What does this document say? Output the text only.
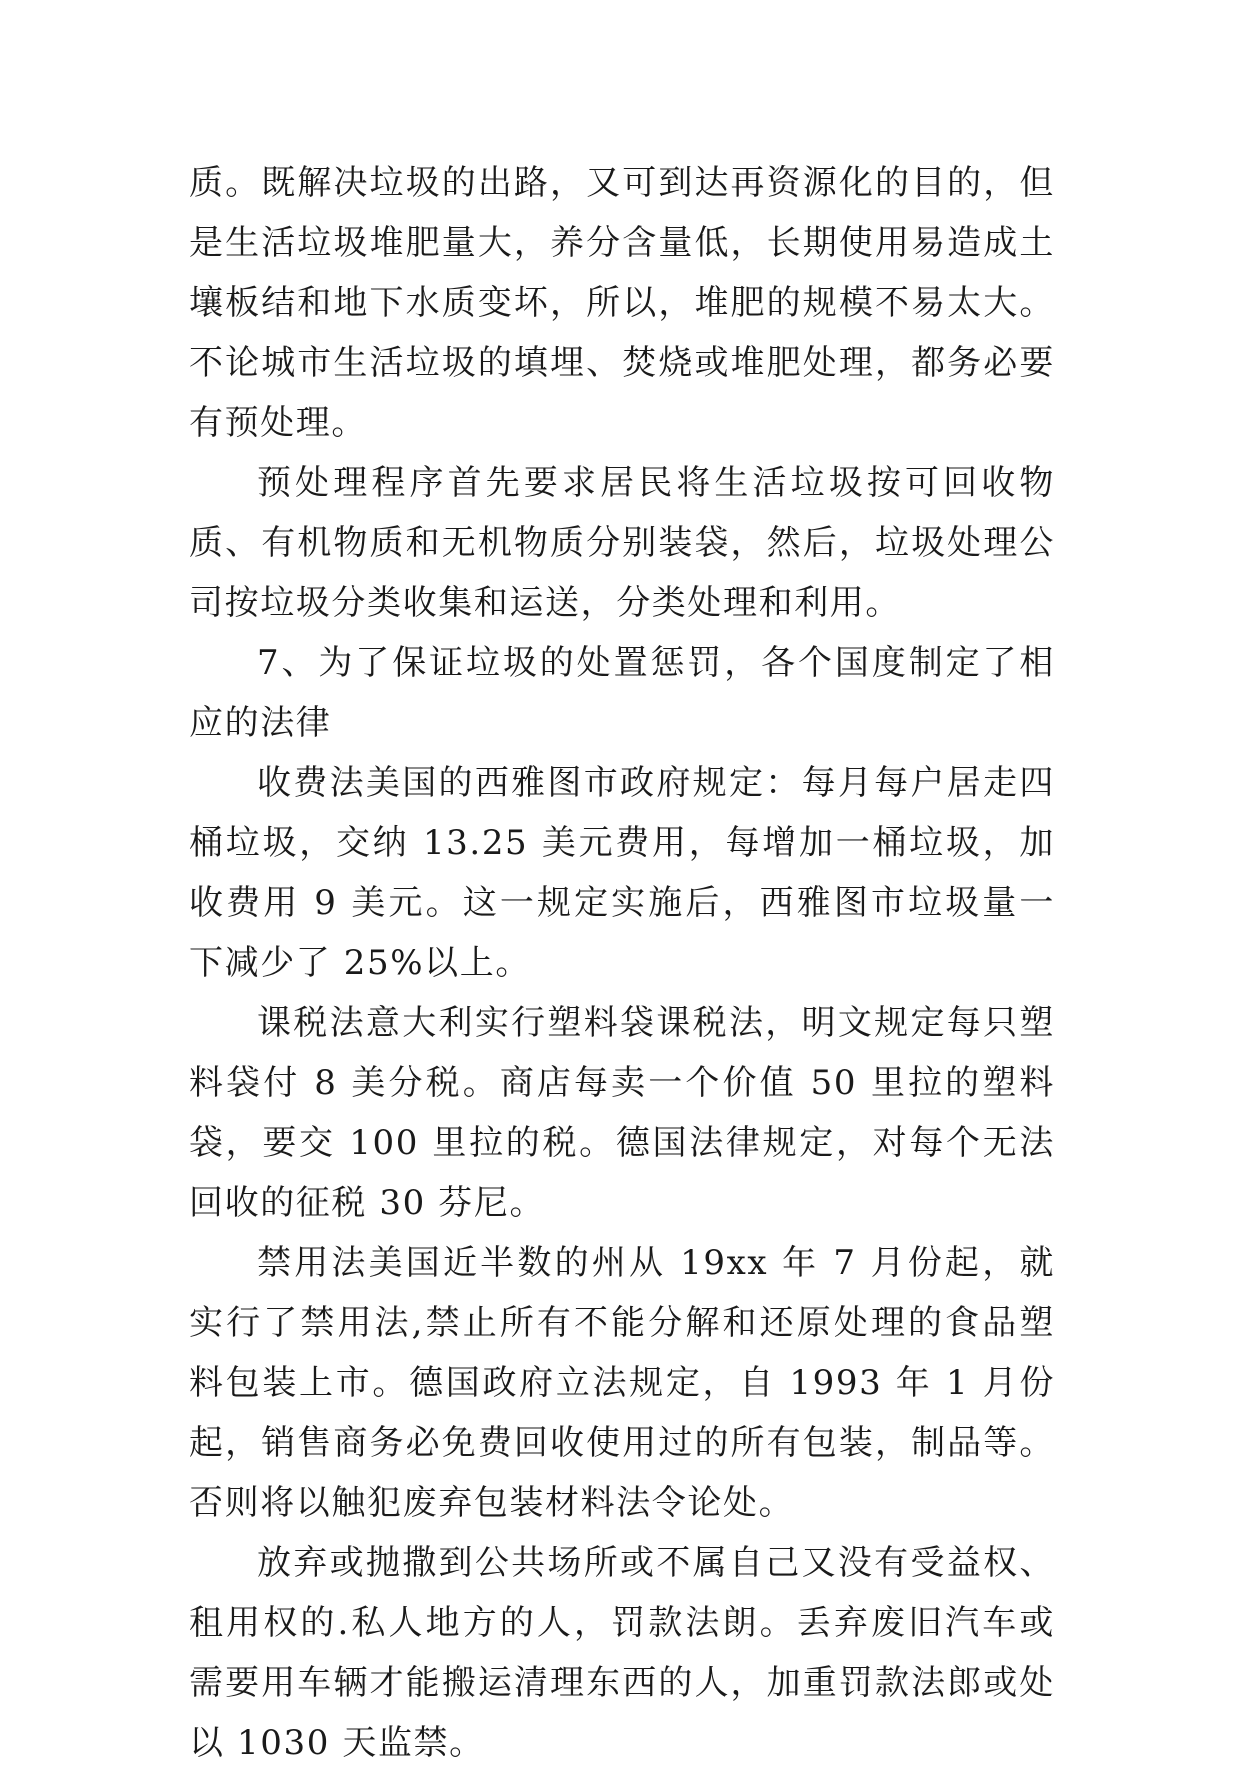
质。既解决垃圾的出路，又可到达再资源化的目的，但是生活垃圾堆肥量大，养分含量低，长期使用易造成土壤板结和地下水质变坏，所以，堆肥的规模不易太大。不论城市生活垃圾的填埋、焚烧或堆肥处理，都务必要有预处理。

预处理程序首先要求居民将生活垃圾按可回收物质、有机物质和无机物质分别装袋，然后，垃圾处理公司按垃圾分类收集和运送，分类处理和利用。

7、为了保证垃圾的处置惩罚，各个国度制定了相应的法律

收费法美国的西雅图市政府规定：每月每户居走四桶垃圾，交纳 13.25 美元费用，每增加一桶垃圾，加收费用 9 美元。这一规定实施后，西雅图市垃圾量一下减少了 25%以上。

课税法意大利实行塑料袋课税法，明文规定每只塑料袋付 8 美分税。商店每卖一个价值 50 里拉的塑料袋，要交 100 里拉的税。德国法律规定，对每个无法回收的征税 30 芬尼。

禁用法美国近半数的州从 19xx 年 7 月份起，就实行了禁用法,禁止所有不能分解和还原处理的食品塑料包装上市。德国政府立法规定，自 1993 年 1 月份起，销售商务必免费回收使用过的所有包装，制品等。否则将以触犯废弃包装材料法令论处。

放弃或抛撒到公共场所或不属自己又没有受益权、租用权的.私人地方的人，罚款法朗。丢弃废旧汽车或需要用车辆才能搬运清理东西的人，加重罚款法郎或处以 1030 天监禁。
